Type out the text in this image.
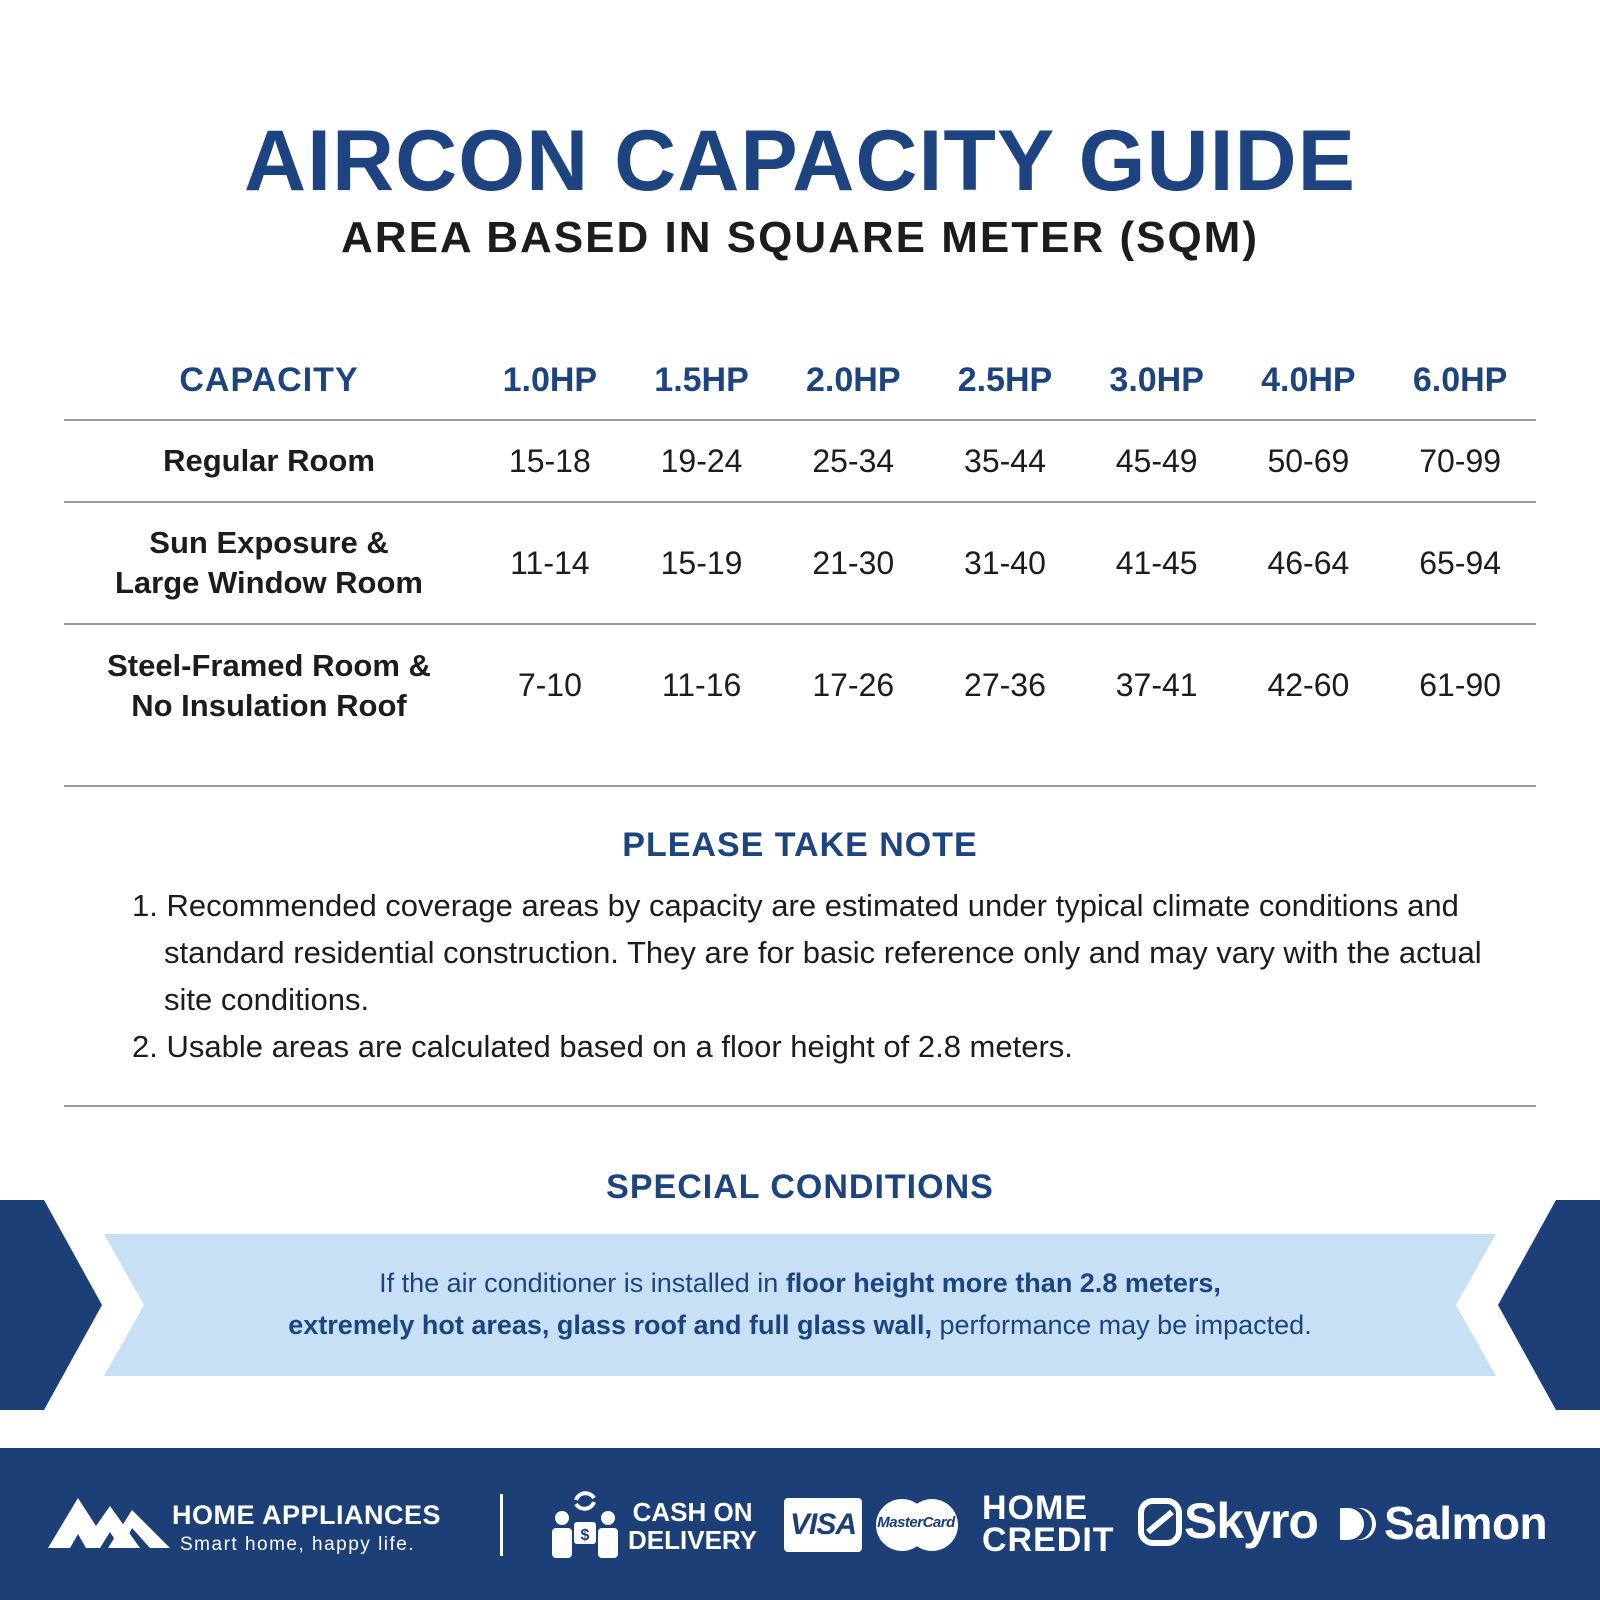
AIRCON CAPACITY GUIDE
AREA BASED IN SQUARE METER (SQM)
CAPACITY	1.0HP	1.5HP	2.0HP	2.5HP	3.0HP	4.0HP	6.0HP
Regular Room	15-18	19-24	25-34	35-44	45-49	50-69	70-99
Sun Exposure &
Large Window Room	11-14	15-19	21-30	31-40	41-45	46-64	65-94
Steel-Framed Room &
No Insulation Roof	7-10	11-16	17-26	27-36	37-41	42-60	61-90
PLEASE TAKE NOTE
1. Recommended coverage areas by capacity are estimated under typical climate conditions and standard residential construction. They are for basic reference only and may vary with the actual site conditions.
2. Usable areas are calculated based on a floor height of 2.8 meters.
SPECIAL CONDITIONS

If the air conditioner is installed in floor height more than 2.8 meters,
extremely hot areas, glass roof and full glass wall, performance may be impacted.

HOME APPLIANCES
Smart home, happy life.	$
CASH ON
DELIVERY VISA	MasterCard HOME
CREDIT Skyro Salmon
